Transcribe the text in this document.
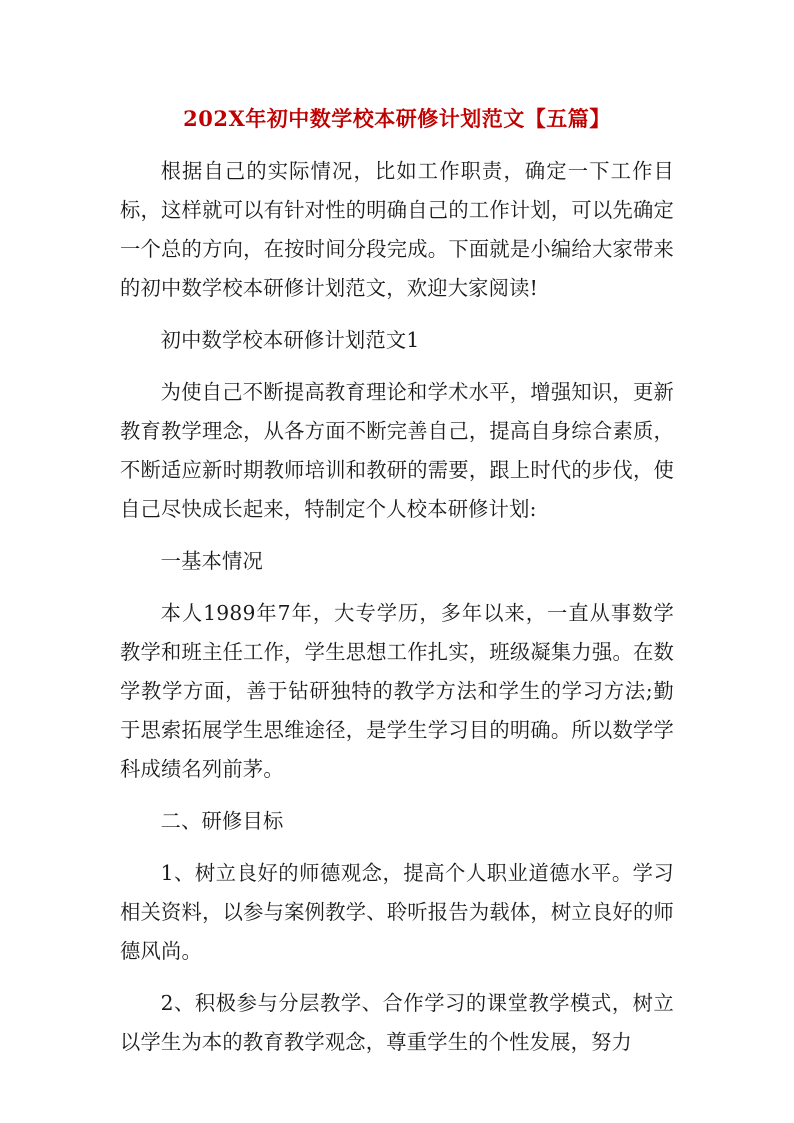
202X年初中数学校本研修计划范文【五篇】

根据自己的实际情况，比如工作职责，确定一下工作目标，这样就可以有针对性的明确自己的工作计划，可以先确定一个总的方向，在按时间分段完成。下面就是小编给大家带来的初中数学校本研修计划范文，欢迎大家阅读!

初中数学校本研修计划范文1

为使自己不断提高教育理论和学术水平，增强知识，更新教育教学理念，从各方面不断完善自己，提高自身综合素质，不断适应新时期教师培训和教研的需要，跟上时代的步伐，使自己尽快成长起来，特制定个人校本研修计划:

一基本情况

本人1989年7年，大专学历，多年以来，一直从事数学教学和班主任工作，学生思想工作扎实，班级凝集力强。在数学教学方面，善于钻研独特的教学方法和学生的学习方法;勤于思索拓展学生思维途径，是学生学习目的明确。所以数学学科成绩名列前茅。

二、研修目标

1、树立良好的师德观念，提高个人职业道德水平。学习相关资料，以参与案例教学、聆听报告为载体，树立良好的师德风尚。

2、积极参与分层教学、合作学习的课堂教学模式，树立以学生为本的教育教学观念，尊重学生的个性发展，努力
